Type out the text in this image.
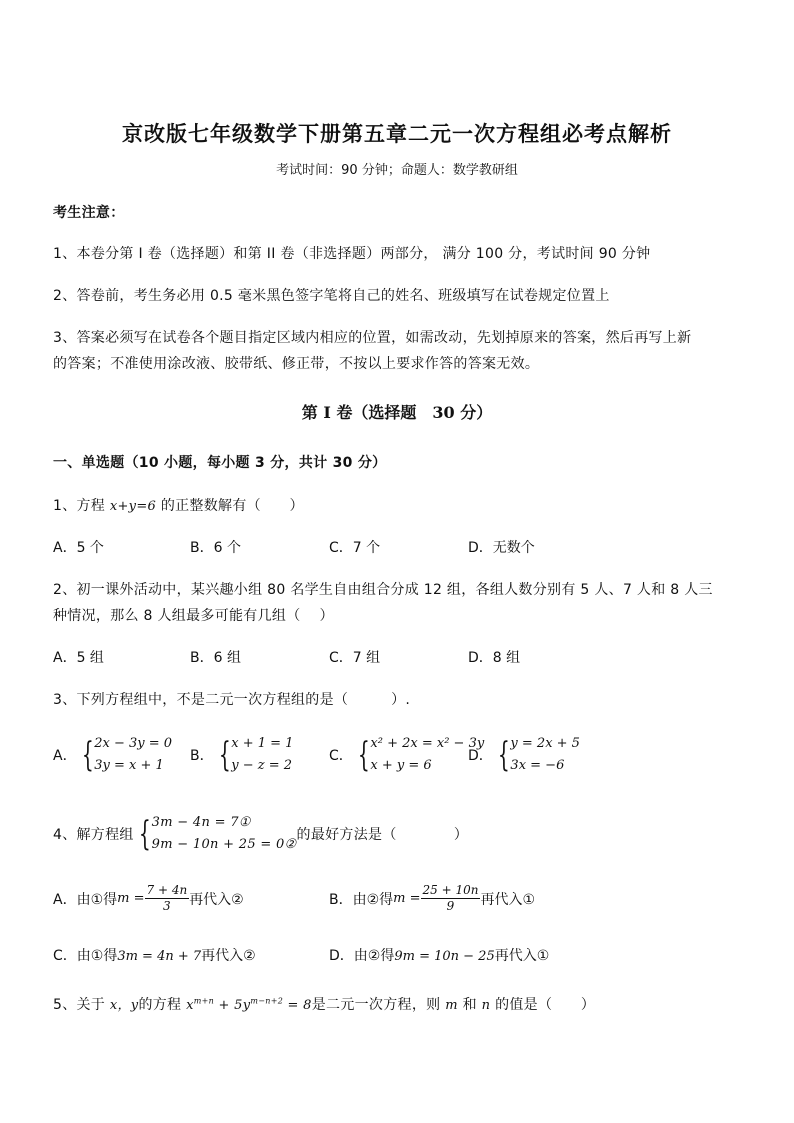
京改版七年级数学下册第五章二元一次方程组必考点解析
考试时间：90 分钟；命题人：数学教研组
考生注意：
1、本卷分第 I 卷（选择题）和第 II 卷（非选择题）两部分， 满分 100 分，考试时间 90 分钟
2、答卷前，考生务必用 0.5 毫米黑色签字笔将自己的姓名、班级填写在试卷规定位置上
3、答案必须写在试卷各个题目指定区域内相应的位置，如需改动，先划掉原来的答案，然后再写上新
的答案；不准使用涂改液、胶带纸、修正带，不按以上要求作答的答案无效。
第 I 卷（选择题　30 分）
一、单选题（10 小题，每小题 3 分，共计 30 分）
1、方程 x+y=6 的正整数解有（　　）
A．5 个	B．6 个	C．7 个	D．无数个
2、初一课外活动中，某兴趣小组 80 名学生自由组合分成 12 组，各组人数分别有 5 人、7 人和 8 人三
种情况，那么 8 人组最多可能有几组（　 ）
A．5 组	B．6 组	C．7 组	D．8 组
3、下列方程组中，不是二元一次方程组的是（　　　）.
A． { 2x − 3y = 0
3y = x + 1
B． { x + 1 = 1
y − z = 2
C． { x² + 2x = x² − 3y
x + y = 6
D． { y = 2x + 5
3x = −6
4、解方程组 { 3m − 4n = 7①
9m − 10n + 25 = 0②
的最好方法是（　　　　）
A．由①得 $m = \frac{7 + 4n}{3}$ 再代入②	B．由②得 $m = \frac{25 + 10n}{9}$ 再代入①
C．由①得3m = 4n + 7再代入②	D．由②得9m = 10n − 25再代入①
5、关于 x，y的方程 $x^{m+n} + 5y^{m-n+2} = 8$是二元一次方程，则 m 和 n 的值是（　　）
